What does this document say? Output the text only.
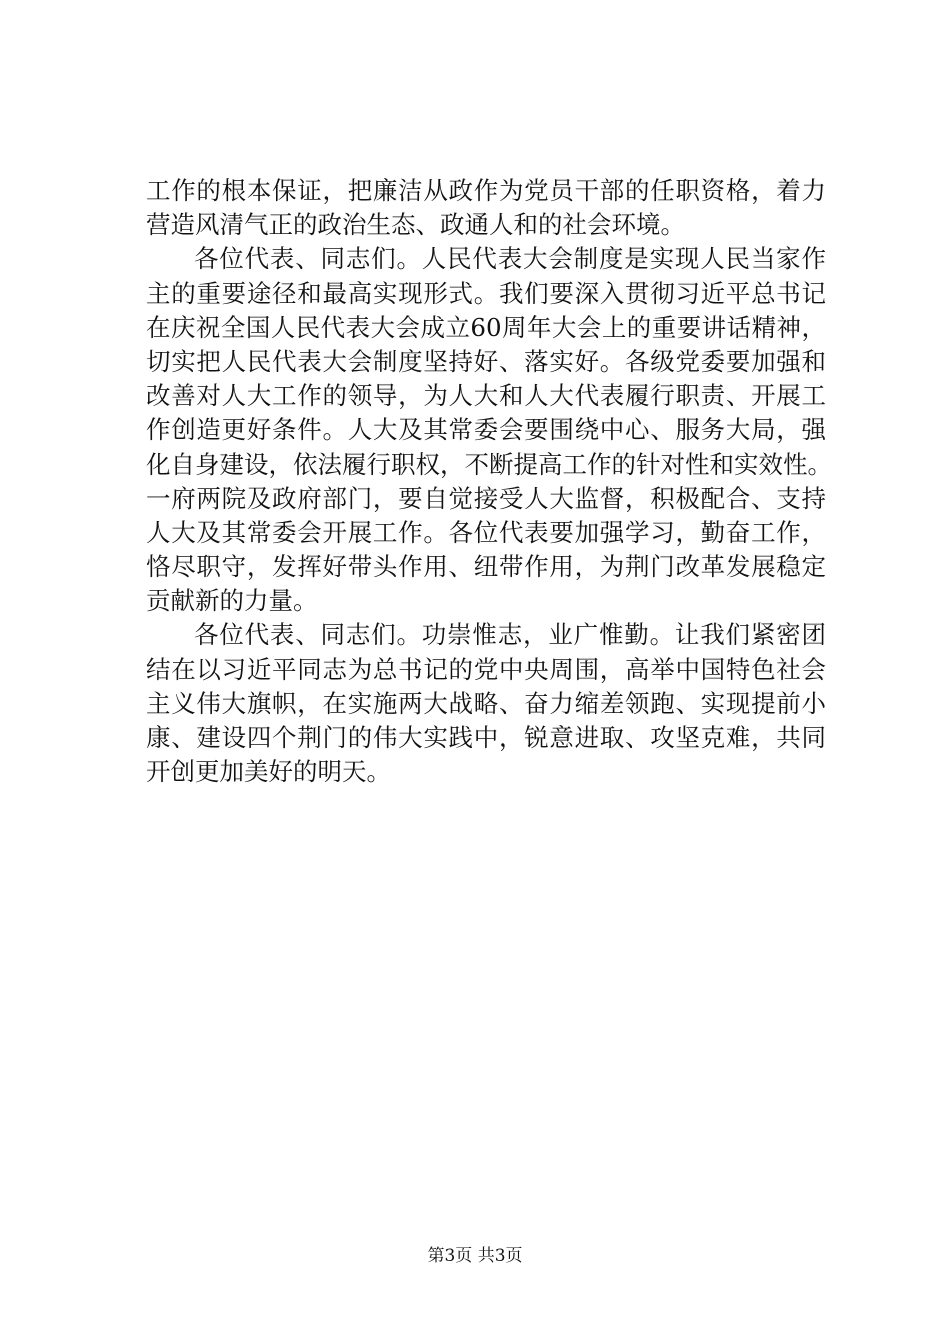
工作的根本保证，把廉洁从政作为党员干部的任职资格，着力
营造风清气正的政治生态、政通人和的社会环境。
各位代表、同志们。人民代表大会制度是实现人民当家作
主的重要途径和最高实现形式。我们要深入贯彻习近平总书记
在庆祝全国人民代表大会成立60周年大会上的重要讲话精神，
切实把人民代表大会制度坚持好、落实好。各级党委要加强和
改善对人大工作的领导，为人大和人大代表履行职责、开展工
作创造更好条件。人大及其常委会要围绕中心、服务大局，强
化自身建设，依法履行职权，不断提高工作的针对性和实效性。
一府两院及政府部门，要自觉接受人大监督，积极配合、支持
人大及其常委会开展工作。各位代表要加强学习，勤奋工作，
恪尽职守，发挥好带头作用、纽带作用，为荆门改革发展稳定
贡献新的力量。
各位代表、同志们。功崇惟志，业广惟勤。让我们紧密团
结在以习近平同志为总书记的党中央周围，高举中国特色社会
主义伟大旗帜，在实施两大战略、奋力缩差领跑、实现提前小
康、建设四个荆门的伟大实践中，锐意进取、攻坚克难，共同
开创更加美好的明天。
第3页 共3页
